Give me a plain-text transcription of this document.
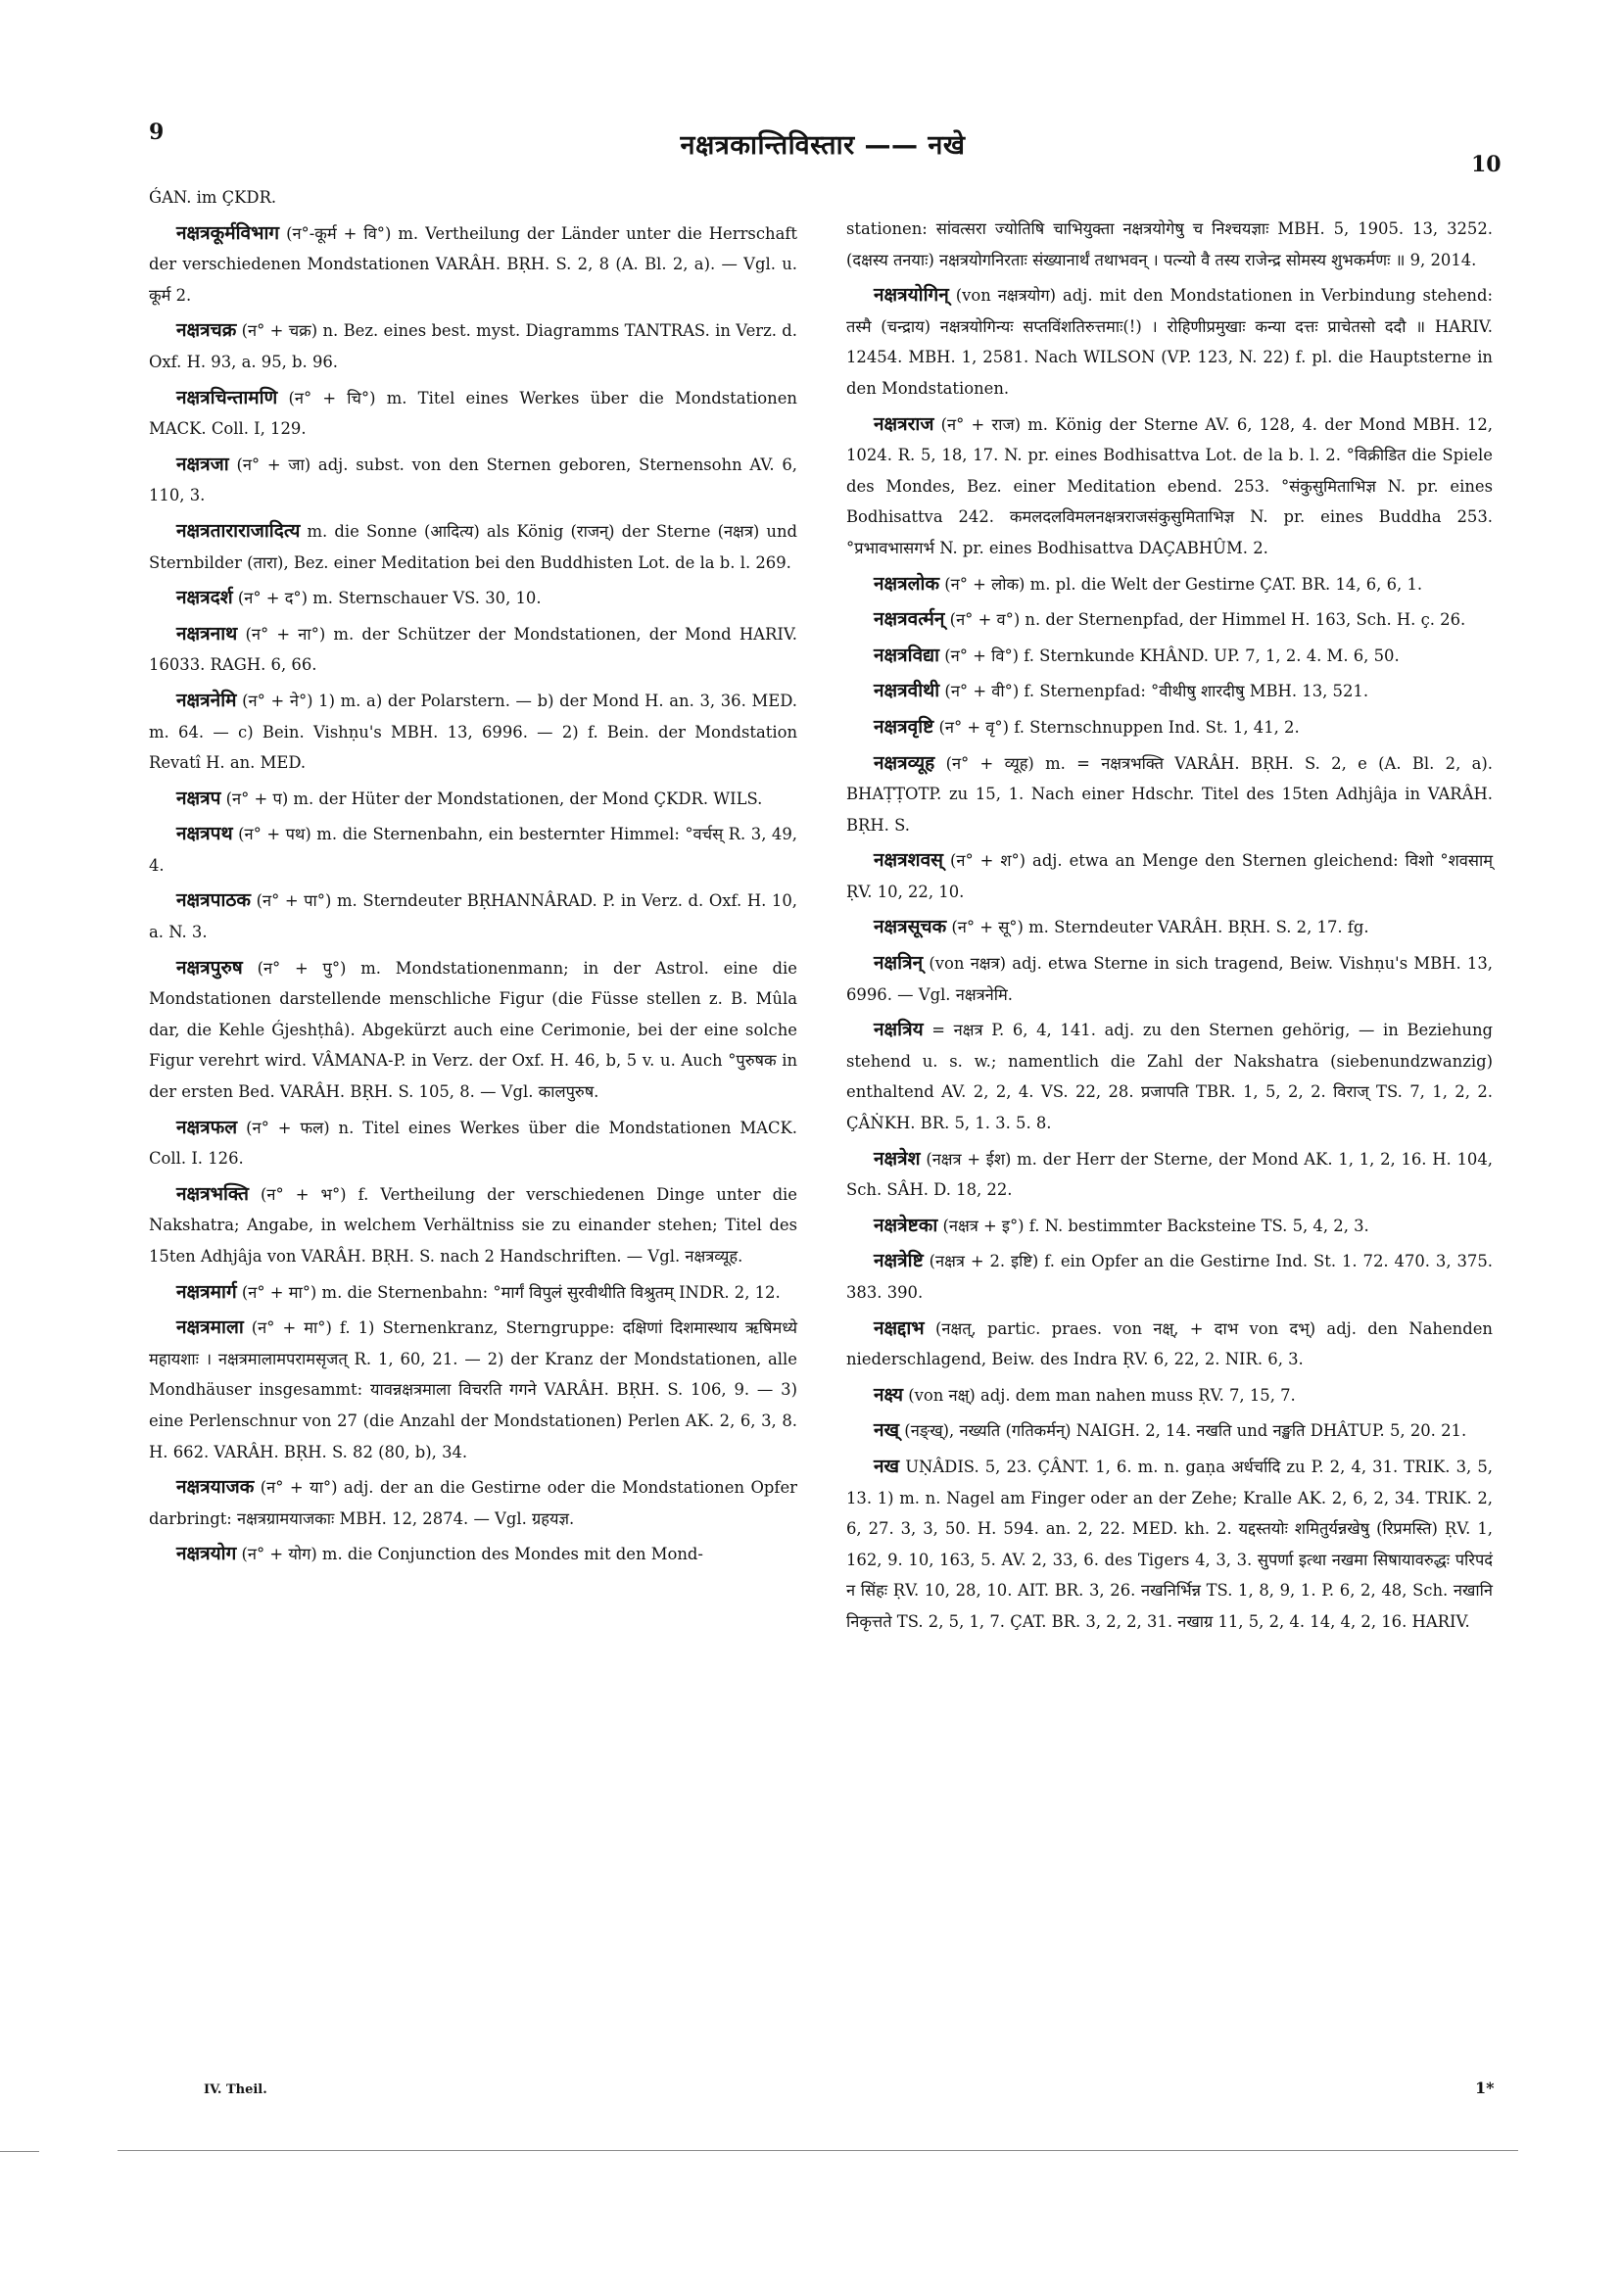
9	नक्षत्रकान्तिविस्तार —— नखे
10

ǴAN. im ÇKDR.

नक्षत्रकूर्मविभाग (न°-कूर्म + वि°) m. Vertheilung der Länder unter die Herrschaft der verschiedenen Mondstationen VARÂH. BṚH. S. 2, 8 (A. Bl. 2, a). — Vgl. u. कूर्म 2.

नक्षत्रचक्र (न° + चक्र) n. Bez. eines best. myst. Diagramms TANTRAS. in Verz. d. Oxf. H. 93, a. 95, b. 96.

नक्षत्रचिन्तामणि (न° + चि°) m. Titel eines Werkes über die Mondstationen MACK. Coll. I, 129.

नक्षत्रजा (न° + जा) adj. subst. von den Sternen geboren, Sternensohn AV. 6, 110, 3.

नक्षत्रताराराजादित्य m. die Sonne (आदित्य) als König (राजन्) der Sterne (नक्षत्र) und Sternbilder (तारा), Bez. einer Meditation bei den Buddhisten Lot. de la b. l. 269.

नक्षत्रदर्श (न° + द°) m. Sternschauer VS. 30, 10.

नक्षत्रनाथ (न° + ना°) m. der Schützer der Mondstationen, der Mond HARIV. 16033. RAGH. 6, 66.

नक्षत्रनेमि (न° + ने°) 1) m. a) der Polarstern. — b) der Mond H. an. 3, 36. MED. m. 64. — c) Bein. Vishṇu's MBH. 13, 6996. — 2) f. Bein. der Mondstation Revatî H. an. MED.

नक्षत्रप (न° + प) m. der Hüter der Mondstationen, der Mond ÇKDR. WILS.

नक्षत्रपथ (न° + पथ) m. die Sternenbahn, ein besternter Himmel: °वर्चस् R. 3, 49, 4.

नक्षत्रपाठक (न° + पा°) m. Sterndeuter BṚHANNÂRAD. P. in Verz. d. Oxf. H. 10, a. N. 3.

नक्षत्रपुरुष (न° + पु°) m. Mondstationenmann; in der Astrol. eine die Mondstationen darstellende menschliche Figur (die Füsse stellen z. B. Mûla dar, die Kehle Ǵjeshṭhâ). Abgekürzt auch eine Cerimonie, bei der eine solche Figur verehrt wird. VÂMANA-P. in Verz. der Oxf. H. 46, b, 5 v. u. Auch °पुरुषक in der ersten Bed. VARÂH. BṚH. S. 105, 8. — Vgl. कालपुरुष.

नक्षत्रफल (न° + फल) n. Titel eines Werkes über die Mondstationen MACK. Coll. I. 126.

नक्षत्रभक्ति (न° + भ°) f. Vertheilung der verschiedenen Dinge unter die Nakshatra; Angabe, in welchem Verhältniss sie zu einander stehen; Titel des 15ten Adhjâja von VARÂH. BṚH. S. nach 2 Handschriften. — Vgl. नक्षत्रव्यूह.

नक्षत्रमार्ग (न° + मा°) m. die Sternenbahn: °मार्गं विपुलं सुरवीथीति विश्रुतम् INDR. 2, 12.

नक्षत्रमाला (न° + मा°) f. 1) Sternenkranz, Sterngruppe: दक्षिणां दिशमास्थाय ऋषिमध्ये महायशाः । नक्षत्रमालामपरामसृजत् R. 1, 60, 21. — 2) der Kranz der Mondstationen, alle Mondhäuser insgesammt: यावन्नक्षत्रमाला विचरति गगने VARÂH. BṚH. S. 106, 9. — 3) eine Perlenschnur von 27 (die Anzahl der Mondstationen) Perlen AK. 2, 6, 3, 8. H. 662. VARÂH. BṚH. S. 82 (80, b), 34.

नक्षत्रयाजक (न° + या°) adj. der an die Gestirne oder die Mondstationen Opfer darbringt: नक्षत्रग्रामयाजकाः MBH. 12, 2874. — Vgl. ग्रहयज्ञ.

नक्षत्रयोग (न° + योग) m. die Conjunction des Mondes mit den Mond-

stationen: सांवत्सरा ज्योतिषि चाभियुक्ता नक्षत्रयोगेषु च निश्चयज्ञाः MBH. 5, 1905. 13, 3252. (दक्षस्य तनयाः) नक्षत्रयोगनिरताः संख्यानार्थं तथाभवन् । पत्न्यो वै तस्य राजेन्द्र सोमस्य शुभकर्मणः ॥ 9, 2014.

नक्षत्रयोगिन् (von नक्षत्रयोग) adj. mit den Mondstationen in Verbindung stehend: तस्मै (चन्द्राय) नक्षत्रयोगिन्यः सप्तविंशतिरुत्तमाः(!) । रोहिणीप्रमुखाः कन्या दत्तः प्राचेतसो ददौ ॥ HARIV. 12454. MBH. 1, 2581. Nach WILSON (VP. 123, N. 22) f. pl. die Hauptsterne in den Mondstationen.

नक्षत्रराज (न° + राज) m. König der Sterne AV. 6, 128, 4. der Mond MBH. 12, 1024. R. 5, 18, 17. N. pr. eines Bodhisattva Lot. de la b. l. 2. °विक्रीडित die Spiele des Mondes, Bez. einer Meditation ebend. 253. °संकुसुमिताभिज्ञ N. pr. eines Bodhisattva 242. कमलदलविमलनक्षत्रराजसंकुसुमिताभिज्ञ N. pr. eines Buddha 253. °प्रभावभासगर्भ N. pr. eines Bodhisattva DAÇABHÛM. 2.

नक्षत्रलोक (न° + लोक) m. pl. die Welt der Gestirne ÇAT. BR. 14, 6, 6, 1.

नक्षत्रवर्त्मन् (न° + व°) n. der Sternenpfad, der Himmel H. 163, Sch. H. ç. 26.

नक्षत्रविद्या (न° + वि°) f. Sternkunde KHÂND. UP. 7, 1, 2. 4. M. 6, 50.

नक्षत्रवीथी (न° + वी°) f. Sternenpfad: °वीथीषु शारदीषु MBH. 13, 521.

नक्षत्रवृष्टि (न° + वृ°) f. Sternschnuppen Ind. St. 1, 41, 2.

नक्षत्रव्यूह (न° + व्यूह) m. = नक्षत्रभक्ति VARÂH. BṚH. S. 2, e (A. Bl. 2, a). BHAṬṬOTP. zu 15, 1. Nach einer Hdschr. Titel des 15ten Adhjâja in VARÂH. BṚH. S.

नक्षत्रशवस् (न° + श°) adj. etwa an Menge den Sternen gleichend: विशो °शवसाम् ṚV. 10, 22, 10.

नक्षत्रसूचक (न° + सू°) m. Sterndeuter VARÂH. BṚH. S. 2, 17. fg.

नक्षत्रिन् (von नक्षत्र) adj. etwa Sterne in sich tragend, Beiw. Vishṇu's MBH. 13, 6996. — Vgl. नक्षत्रनेमि.

नक्षत्रिय = नक्षत्र P. 6, 4, 141. adj. zu den Sternen gehörig, — in Beziehung stehend u. s. w.; namentlich die Zahl der Nakshatra (siebenundzwanzig) enthaltend AV. 2, 2, 4. VS. 22, 28. प्रजापति TBR. 1, 5, 2, 2. विराज् TS. 7, 1, 2, 2. ÇÂṄKH. BR. 5, 1. 3. 5. 8.

नक्षत्रेश (नक्षत्र + ईश) m. der Herr der Sterne, der Mond AK. 1, 1, 2, 16. H. 104, Sch. SÂH. D. 18, 22.

नक्षत्रेष्टका (नक्षत्र + इ°) f. N. bestimmter Backsteine TS. 5, 4, 2, 3.

नक्षत्रेष्टि (नक्षत्र + 2. इष्टि) f. ein Opfer an die Gestirne Ind. St. 1. 72. 470. 3, 375. 383. 390.

नक्षद्दाभ (नक्षत्, partic. praes. von नक्ष्, + दाभ von दभ्) adj. den Nahenden niederschlagend, Beiw. des Indra ṚV. 6, 22, 2. NIR. 6, 3.

नक्ष्य (von नक्ष्) adj. dem man nahen muss ṚV. 7, 15, 7.

नख् (नङ्ख्), नख्यति (गतिकर्मन्) NAIGH. 2, 14. नखति und नङ्खति DHÂTUP. 5, 20. 21.

नख UṆÂDIS. 5, 23. ÇÂNT. 1, 6. m. n. gaṇa अर्धर्चादि zu P. 2, 4, 31. TRIK. 3, 5, 13. 1) m. n. Nagel am Finger oder an der Zehe; Kralle AK. 2, 6, 2, 34. TRIK. 2, 6, 27. 3, 3, 50. H. 594. an. 2, 22. MED. kh. 2. यद्दस्तयोः शमितुर्यन्नखेषु (रिप्रमस्ति) ṚV. 1, 162, 9. 10, 163, 5. AV. 2, 33, 6. des Tigers 4, 3, 3. सुपर्णा इत्था नखमा सिषायावरुद्धः परिपदं न सिंहः ṚV. 10, 28, 10. AIT. BR. 3, 26. नखनिर्भिन्न TS. 1, 8, 9, 1. P. 6, 2, 48, Sch. नखानि निकृत्तते TS. 2, 5, 1, 7. ÇAT. BR. 3, 2, 2, 31. नखाग्र 11, 5, 2, 4. 14, 4, 2, 16. HARIV.

IV. Theil.	1*
